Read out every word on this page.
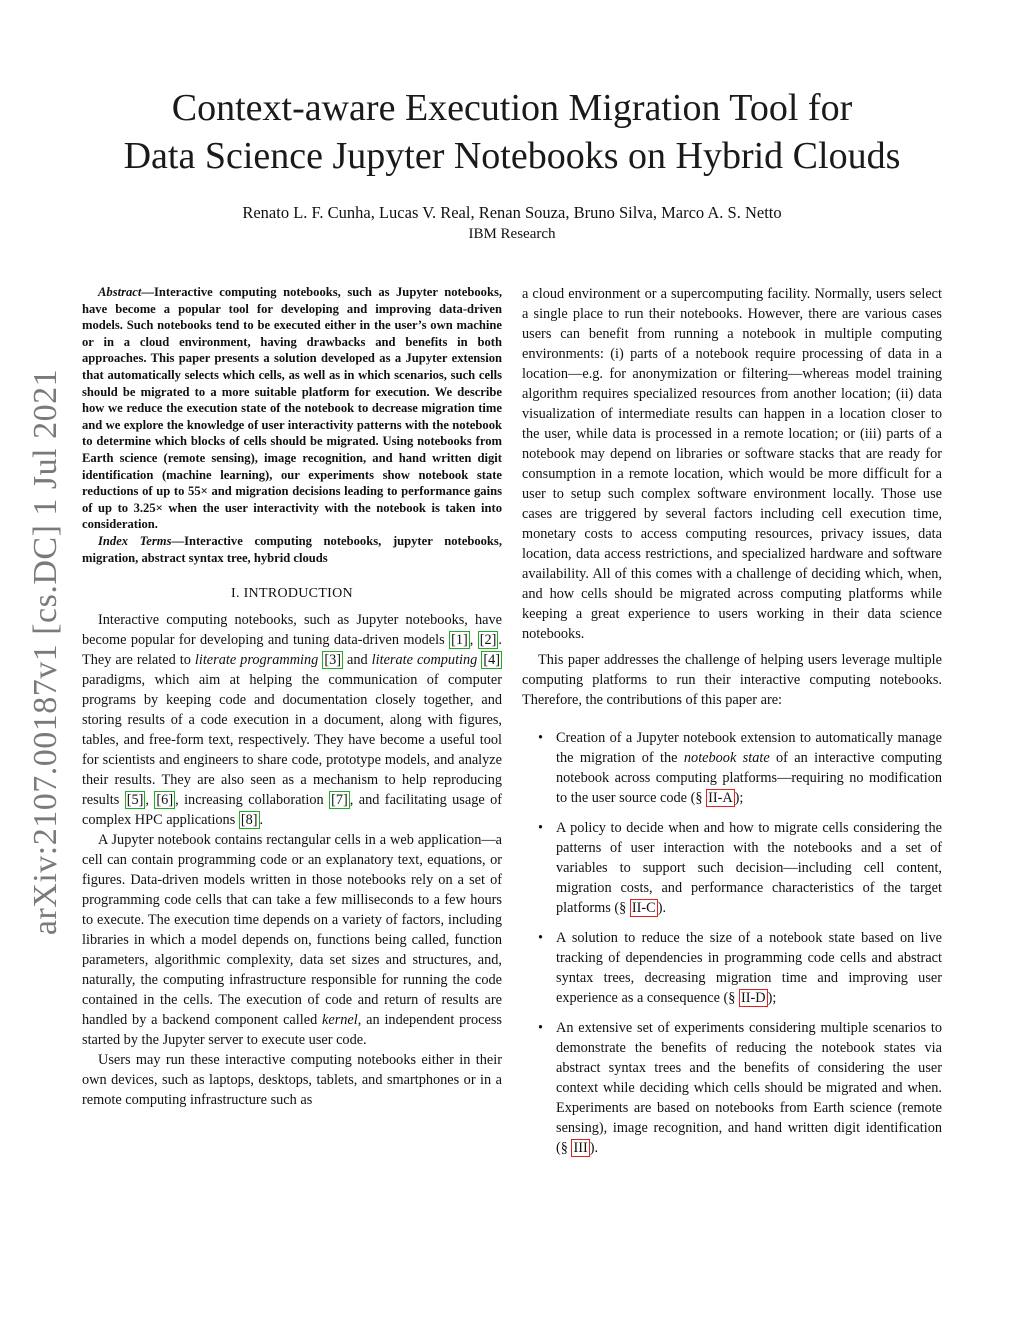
Context-aware Execution Migration Tool for
Data Science Jupyter Notebooks on Hybrid Clouds
Renato L. F. Cunha, Lucas V. Real, Renan Souza, Bruno Silva, Marco A. S. Netto
IBM Research
arXiv:2107.00187v1 [cs.DC] 1 Jul 2021

Abstract—Interactive computing notebooks, such as Jupyter notebooks, have become a popular tool for developing and improving data-driven models. Such notebooks tend to be executed either in the user’s own machine or in a cloud environment, having drawbacks and benefits in both approaches. This paper presents a solution developed as a Jupyter extension that automatically selects which cells, as well as in which scenarios, such cells should be migrated to a more suitable platform for execution. We describe how we reduce the execution state of the notebook to decrease migration time and we explore the knowledge of user interactivity patterns with the notebook to determine which blocks of cells should be migrated. Using notebooks from Earth science (remote sensing), image recognition, and hand written digit identification (machine learning), our experiments show notebook state reductions of up to 55× and migration decisions leading to performance gains of up to 3.25× when the user interactivity with the notebook is taken into consideration.

Index Terms—Interactive computing notebooks, jupyter notebooks, migration, abstract syntax tree, hybrid clouds

I. INTRODUCTION

Interactive computing notebooks, such as Jupyter notebooks, have become popular for developing and tuning data-driven models [1] , [2] . They are related to literate programming [3] and literate computing [4] paradigms, which aim at helping the communication of computer programs by keeping code and documentation closely together, and storing results of a code execution in a document, along with figures, tables, and free-form text, respectively. They have become a useful tool for scientists and engineers to share code, prototype models, and analyze their results. They are also seen as a mechanism to help reproducing results [5] , [6] , increasing collaboration [7] , and facilitating usage of complex HPC applications [8] .

A Jupyter notebook contains rectangular cells in a web application—a cell can contain programming code or an explanatory text, equations, or figures. Data-driven models written in those notebooks rely on a set of programming code cells that can take a few milliseconds to a few hours to execute. The execution time depends on a variety of factors, including libraries in which a model depends on, functions being called, function parameters, algorithmic complexity, data set sizes and structures, and, naturally, the computing infrastructure responsible for running the code contained in the cells. The execution of code and return of results are handled by a backend component called kernel, an independent process started by the Jupyter server to execute user code.

Users may run these interactive computing notebooks either in their own devices, such as laptops, desktops, tablets, and smartphones or in a remote computing infrastructure such as

a cloud environment or a supercomputing facility. Normally, users select a single place to run their notebooks. However, there are various cases users can benefit from running a notebook in multiple computing environments: (i) parts of a notebook require processing of data in a location—e.g. for anonymization or filtering—whereas model training algorithm requires specialized resources from another location; (ii) data visualization of intermediate results can happen in a location closer to the user, while data is processed in a remote location; or (iii) parts of a notebook may depend on libraries or software stacks that are ready for consumption in a remote location, which would be more difficult for a user to setup such complex software environment locally. Those use cases are triggered by several factors including cell execution time, monetary costs to access computing resources, privacy issues, data location, data access restrictions, and specialized hardware and software availability. All of this comes with a challenge of deciding which, when, and how cells should be migrated across computing platforms while keeping a great experience to users working in their data science notebooks.

This paper addresses the challenge of helping users leverage multiple computing platforms to run their interactive computing notebooks. Therefore, the contributions of this paper are:

• Creation of a Jupyter notebook extension to automatically manage the migration of the notebook state of an interactive computing notebook across computing platforms—requiring no modification to the user source code (§ II-A );
• A policy to decide when and how to migrate cells considering the patterns of user interaction with the notebooks and a set of variables to support such decision—including cell content, migration costs, and performance characteristics of the target platforms (§ II-C ).
• A solution to reduce the size of a notebook state based on live tracking of dependencies in programming code cells and abstract syntax trees, decreasing migration time and improving user experience as a consequence (§ II-D );
• An extensive set of experiments considering multiple scenarios to demonstrate the benefits of reducing the notebook states via abstract syntax trees and the benefits of considering the user context while deciding which cells should be migrated and when. Experiments are based on notebooks from Earth science (remote sensing), image recognition, and hand written digit identification (§ III ).
